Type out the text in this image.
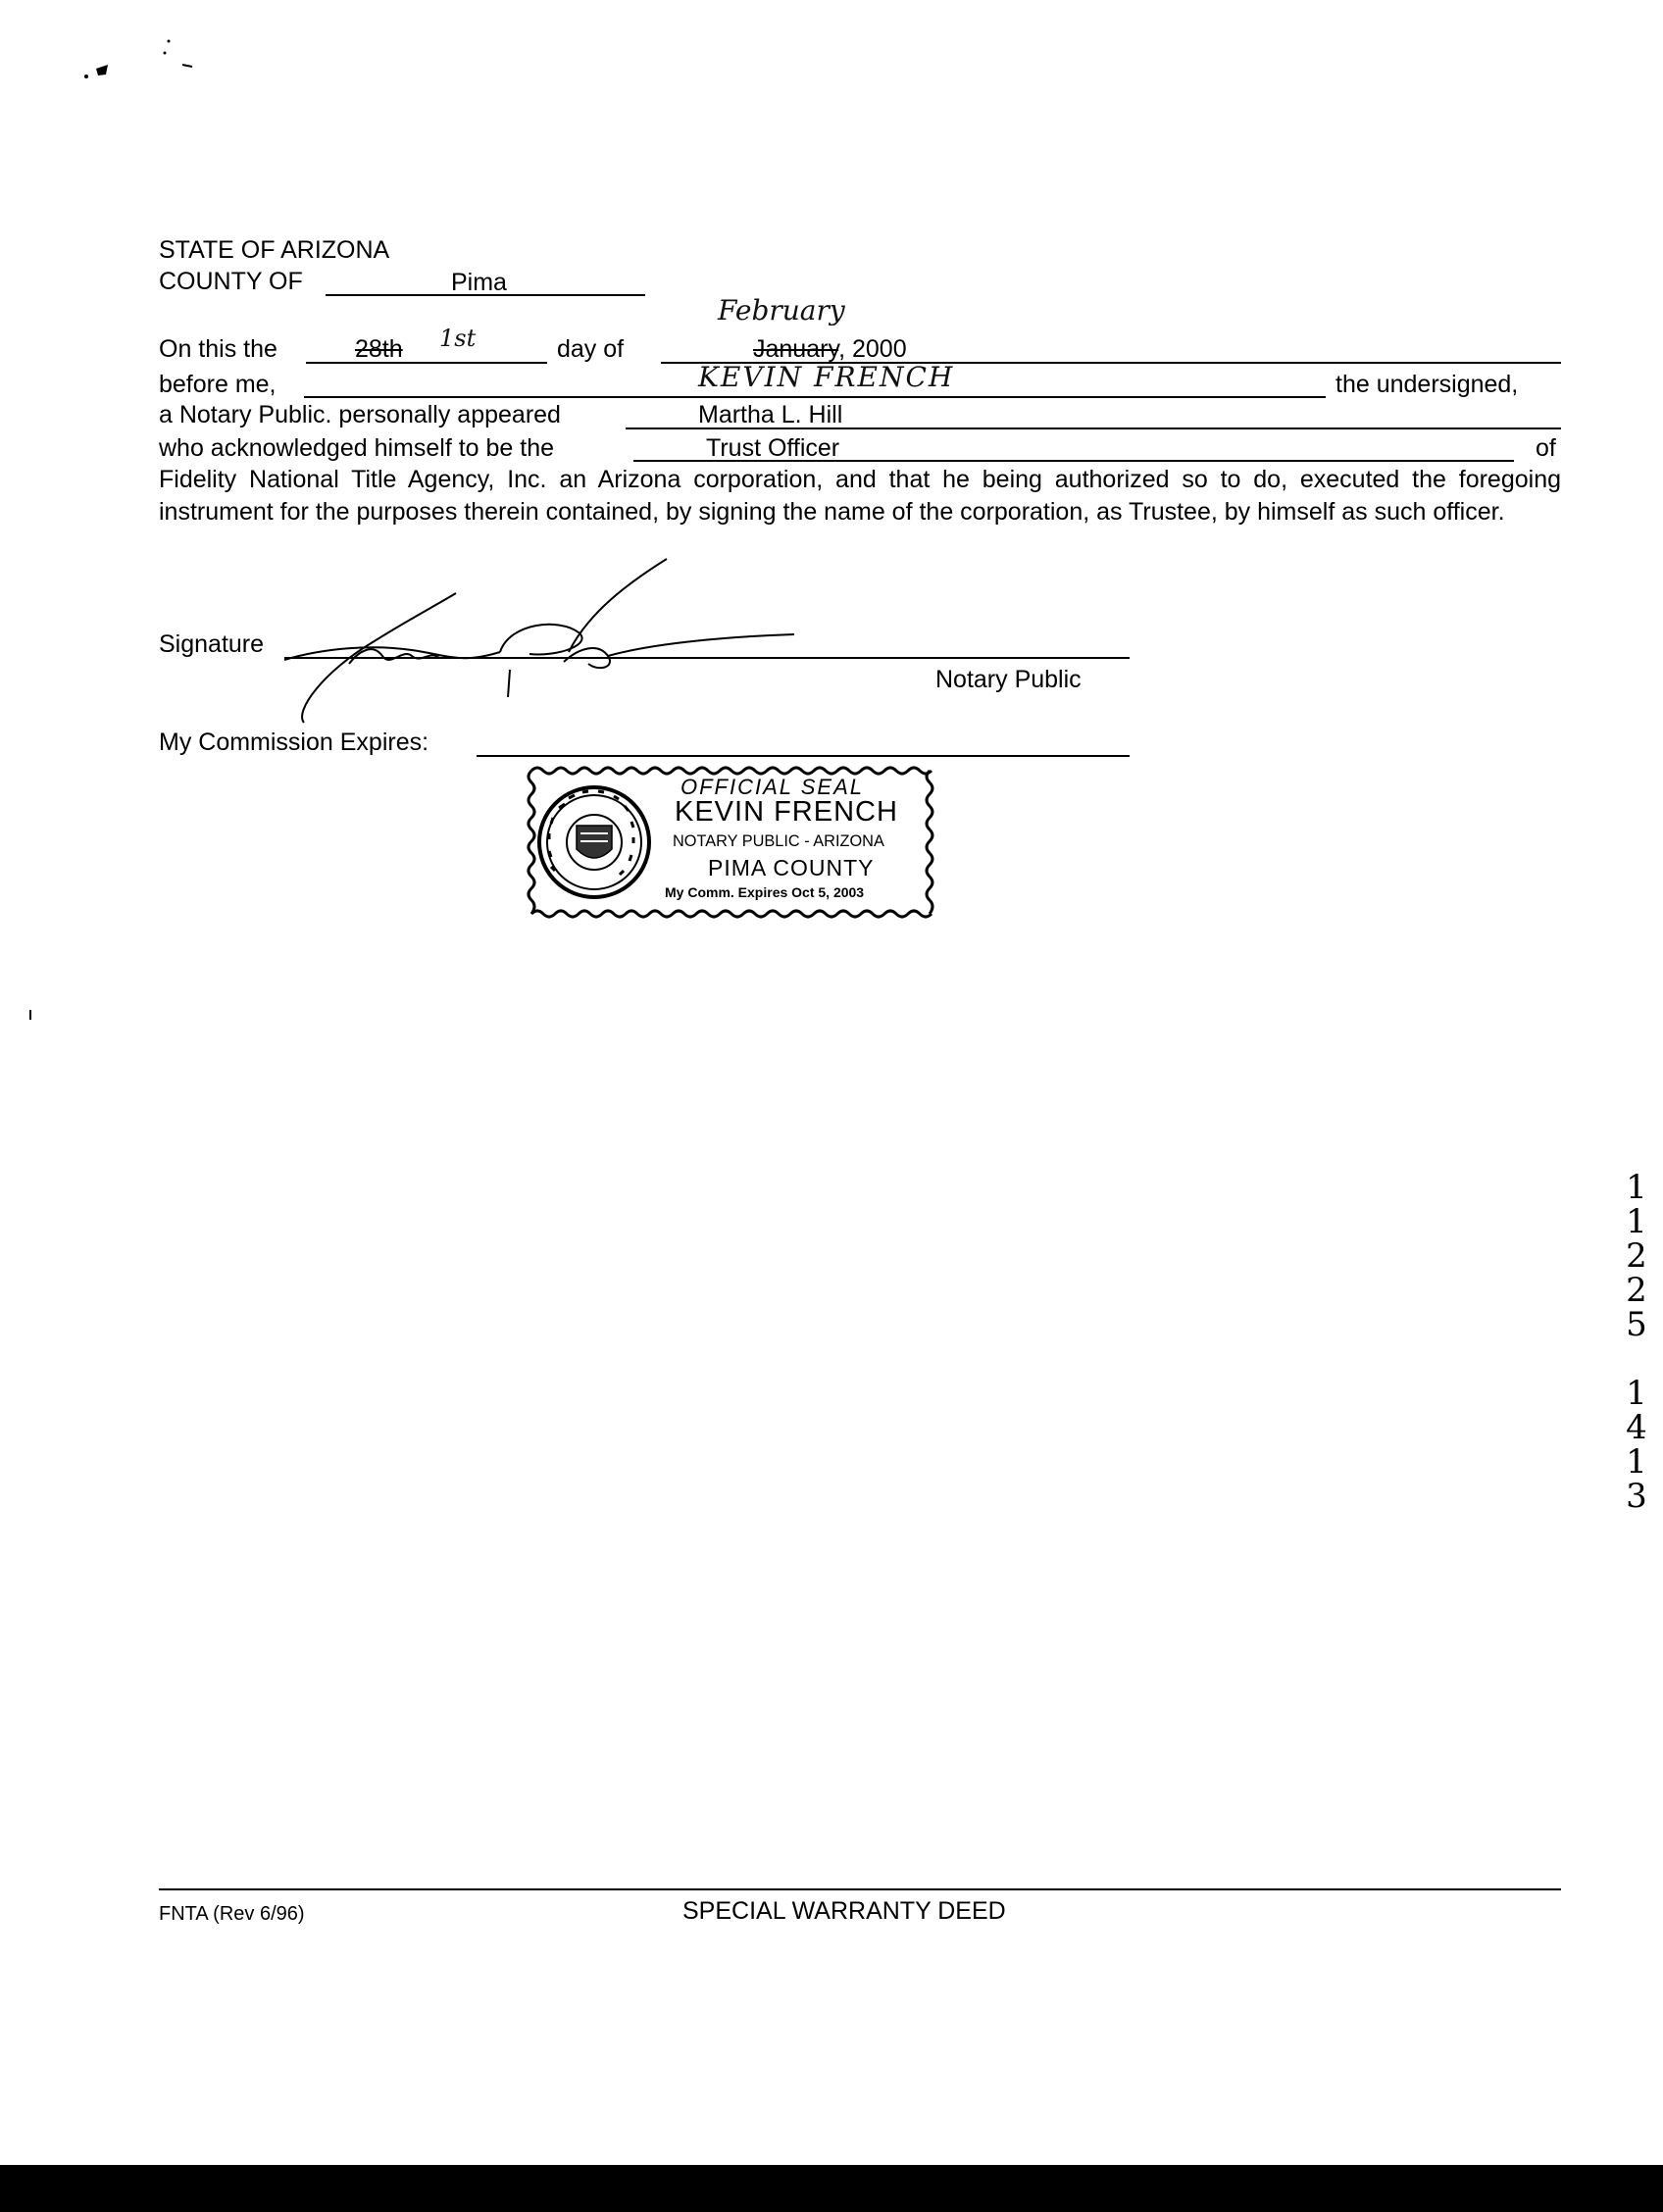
STATE OF ARIZONA
COUNTY OF	Pima
On this the	28th 1st	day of
February
January, 2000
before me,	KEVIN FRENCH	the undersigned,
a Notary Public. personally appeared	Martha L. Hill
who acknowledged himself to be the	Trust Officer	of
Fidelity National Title Agency, Inc. an Arizona corporation, and that he being authorized so to do, executed the foregoing instrument for the purposes therein contained, by signing the name of the corporation, as Trustee, by himself as such officer.
Signature
Notary Public
My Commission Expires:
OFFICIAL SEAL
KEVIN FRENCH
NOTARY PUBLIC - ARIZONA
PIMA COUNTY
My Comm. Expires Oct 5, 2003
1
1
2
2
5
1
4
1
3
FNTA (Rev 6/96)	SPECIAL WARRANTY DEED
